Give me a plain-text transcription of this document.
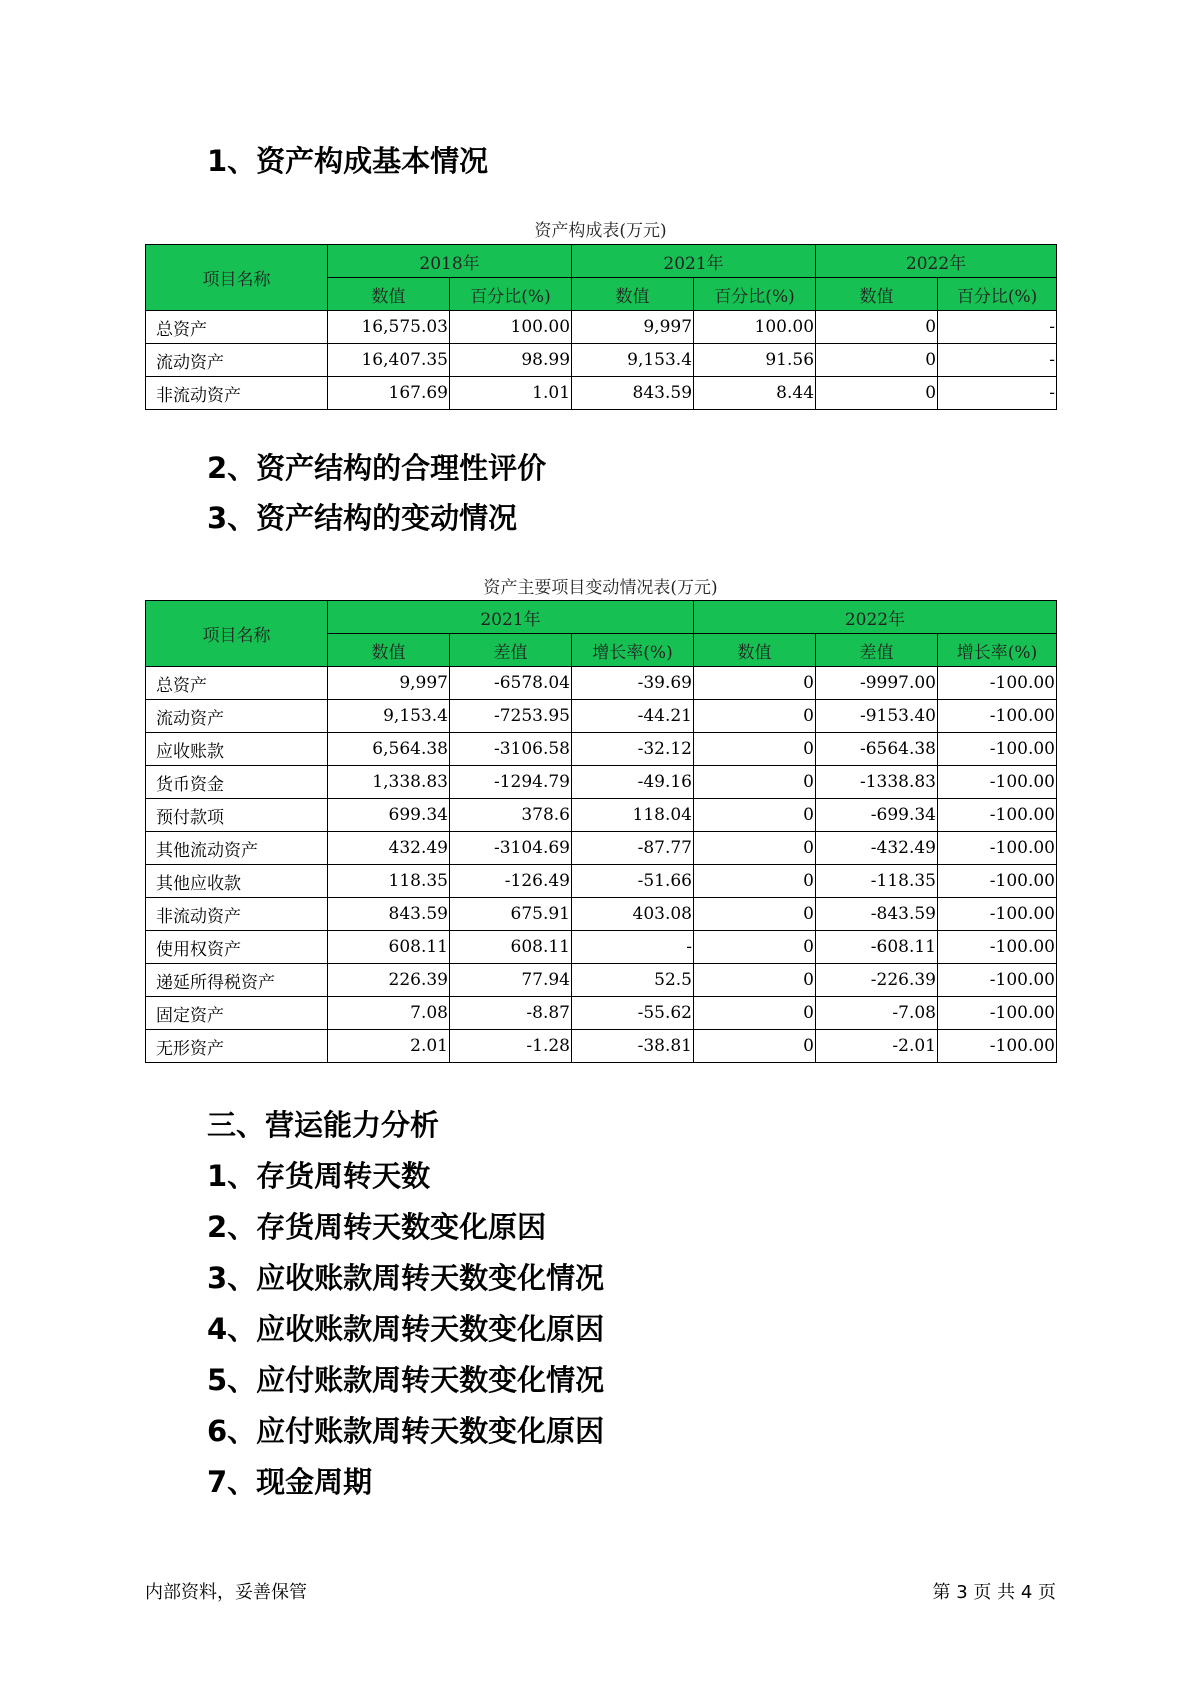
1、资产构成基本情况
资产构成表(万元)
项目名称	2018年		2021年		2022年	
	数值	百分比(%)	数值	百分比(%)	数值	百分比(%)
总资产	16,575.03	100.00	9,997	100.00	0	-
流动资产	16,407.35	98.99	9,153.4	91.56	0	-
非流动资产	167.69	1.01	843.59	8.44	0	-
2、资产结构的合理性评价
3、资产结构的变动情况
资产主要项目变动情况表(万元)
项目名称	2021年			2022年		
	数值	差值	增长率(%)	数值	差值	增长率(%)
总资产	9,997	-6578.04	-39.69	0	-9997.00	-100.00
流动资产	9,153.4	-7253.95	-44.21	0	-9153.40	-100.00
应收账款	6,564.38	-3106.58	-32.12	0	-6564.38	-100.00
货币资金	1,338.83	-1294.79	-49.16	0	-1338.83	-100.00
预付款项	699.34	378.6	118.04	0	-699.34	-100.00
其他流动资产	432.49	-3104.69	-87.77	0	-432.49	-100.00
其他应收款	118.35	-126.49	-51.66	0	-118.35	-100.00
非流动资产	843.59	675.91	403.08	0	-843.59	-100.00
使用权资产	608.11	608.11	-	0	-608.11	-100.00
递延所得税资产	226.39	77.94	52.5	0	-226.39	-100.00
固定资产	7.08	-8.87	-55.62	0	-7.08	-100.00
无形资产	2.01	-1.28	-38.81	0	-2.01	-100.00
三、营运能力分析
1、存货周转天数
2、存货周转天数变化原因
3、应收账款周转天数变化情况
4、应收账款周转天数变化原因
5、应付账款周转天数变化情况
6、应付账款周转天数变化原因
7、现金周期
内部资料，妥善保管	第 3 页 共 4 页
